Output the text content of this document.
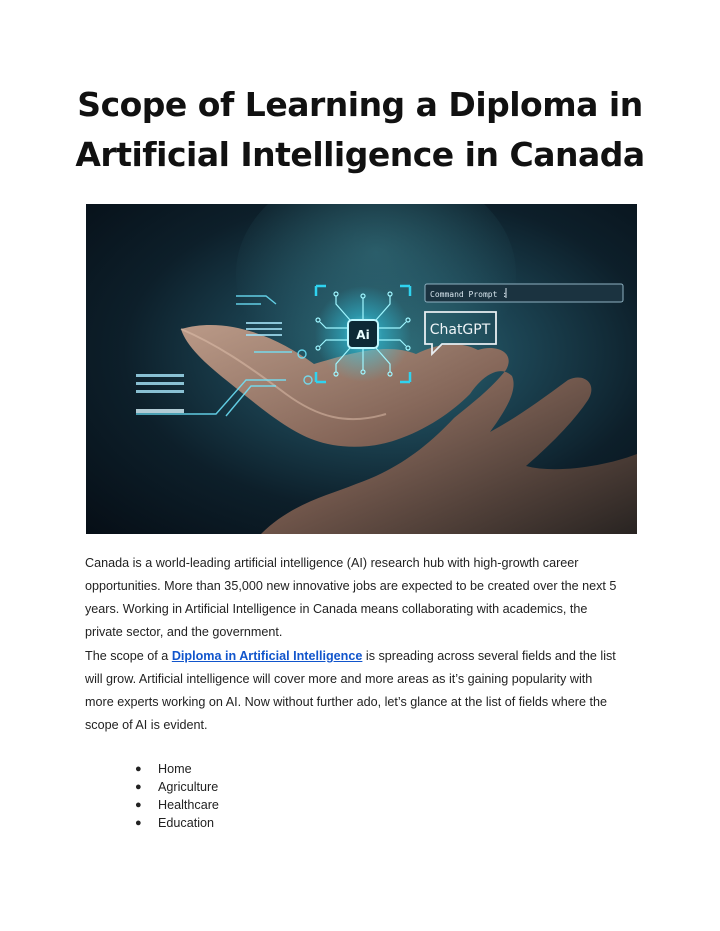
Scope of Learning a Diploma in
Artificial Intelligence in Canada
Ai
Command Prompt :
ChatGPT

Canada is a world-leading artificial intelligence (AI) research hub with high-growth career
opportunities. More than 35,000 new innovative jobs are expected to be created over the next 5
years. Working in Artificial Intelligence in Canada means collaborating with academics, the
private sector, and the government.

The scope of a Diploma in Artificial Intelligence is spreading across several fields and the list
will grow. Artificial intelligence will cover more and more areas as it’s gaining popularity with
more experts working on AI. Now without further ado, let’s glance at the list of fields where the
scope of AI is evident.

● Home
● Agriculture
● Healthcare
● Education
